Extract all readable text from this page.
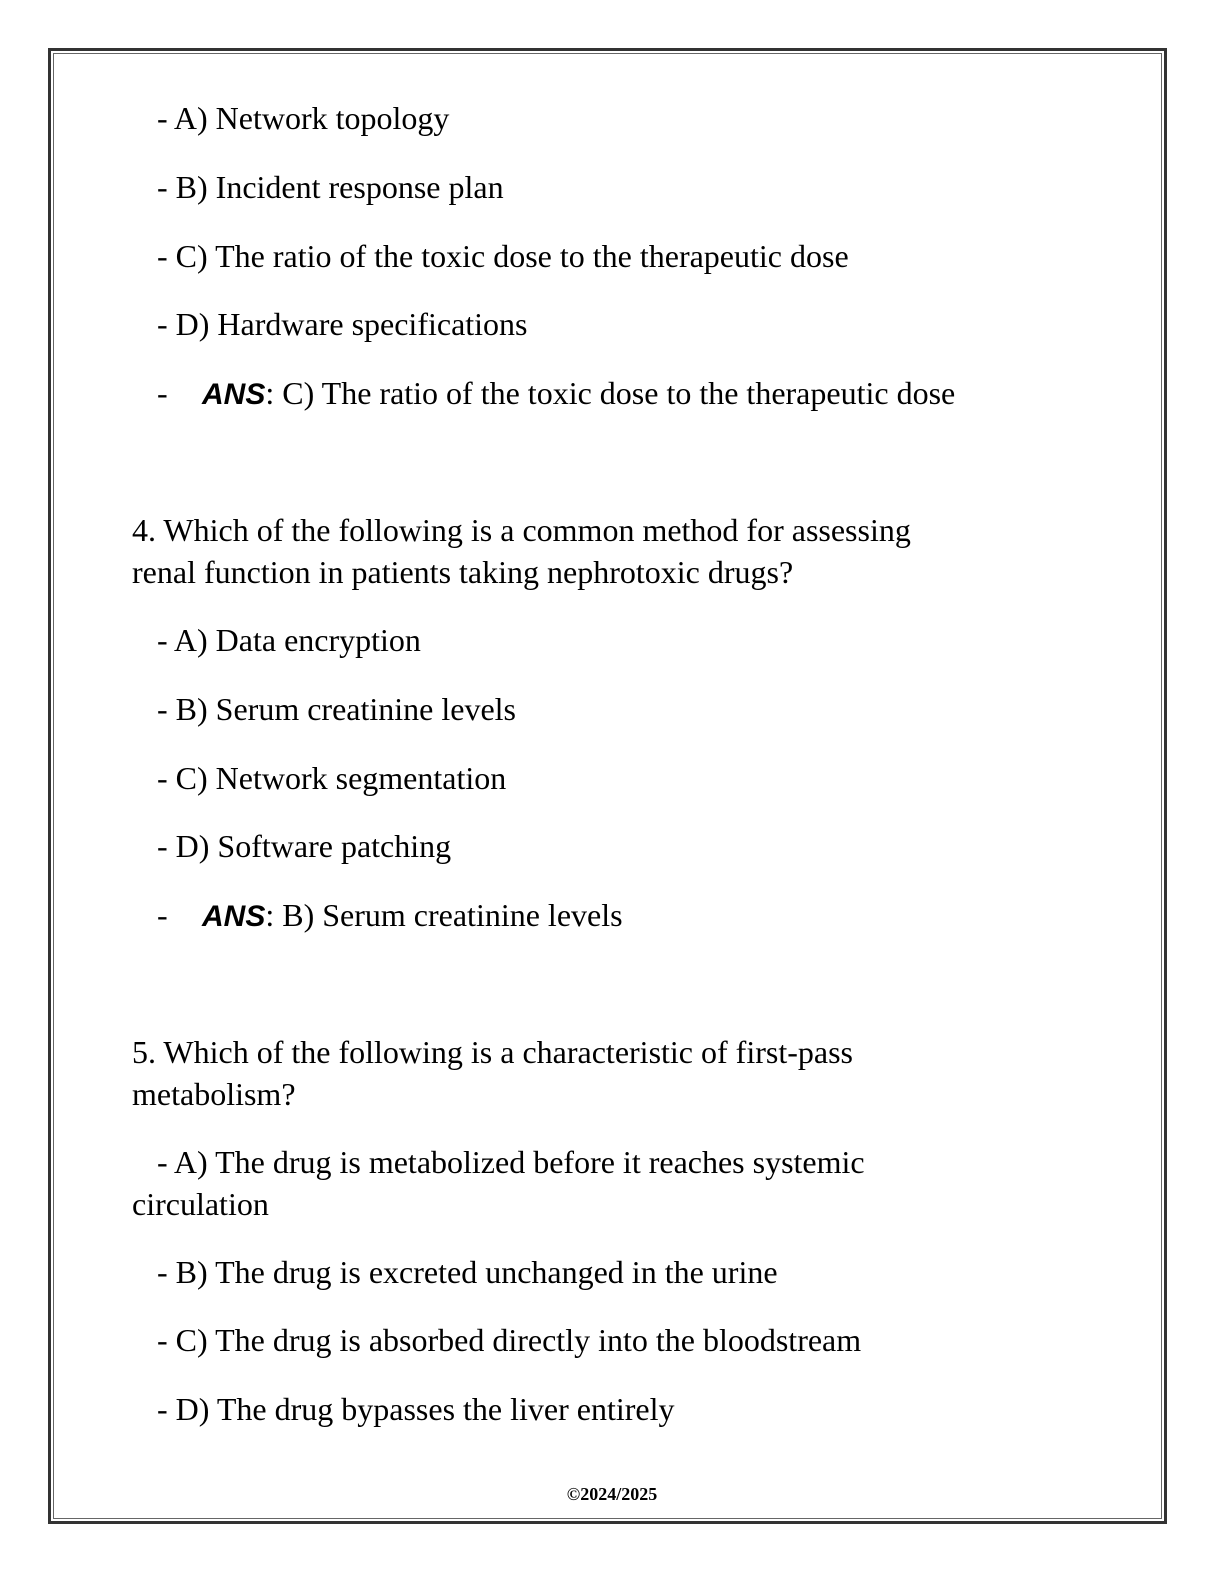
- A) Network topology
- B) Incident response plan
- C) The ratio of the toxic dose to the therapeutic dose
- D) Hardware specifications
- ANS: C) The ratio of the toxic dose to the therapeutic dose
4. Which of the following is a common method for assessing
renal function in patients taking nephrotoxic drugs?
- A) Data encryption
- B) Serum creatinine levels
- C) Network segmentation
- D) Software patching
- ANS: B) Serum creatinine levels
5. Which of the following is a characteristic of first-pass
metabolism?
- A) The drug is metabolized before it reaches systemic
circulation
- B) The drug is excreted unchanged in the urine
- C) The drug is absorbed directly into the bloodstream
- D) The drug bypasses the liver entirely
©2024/2025
